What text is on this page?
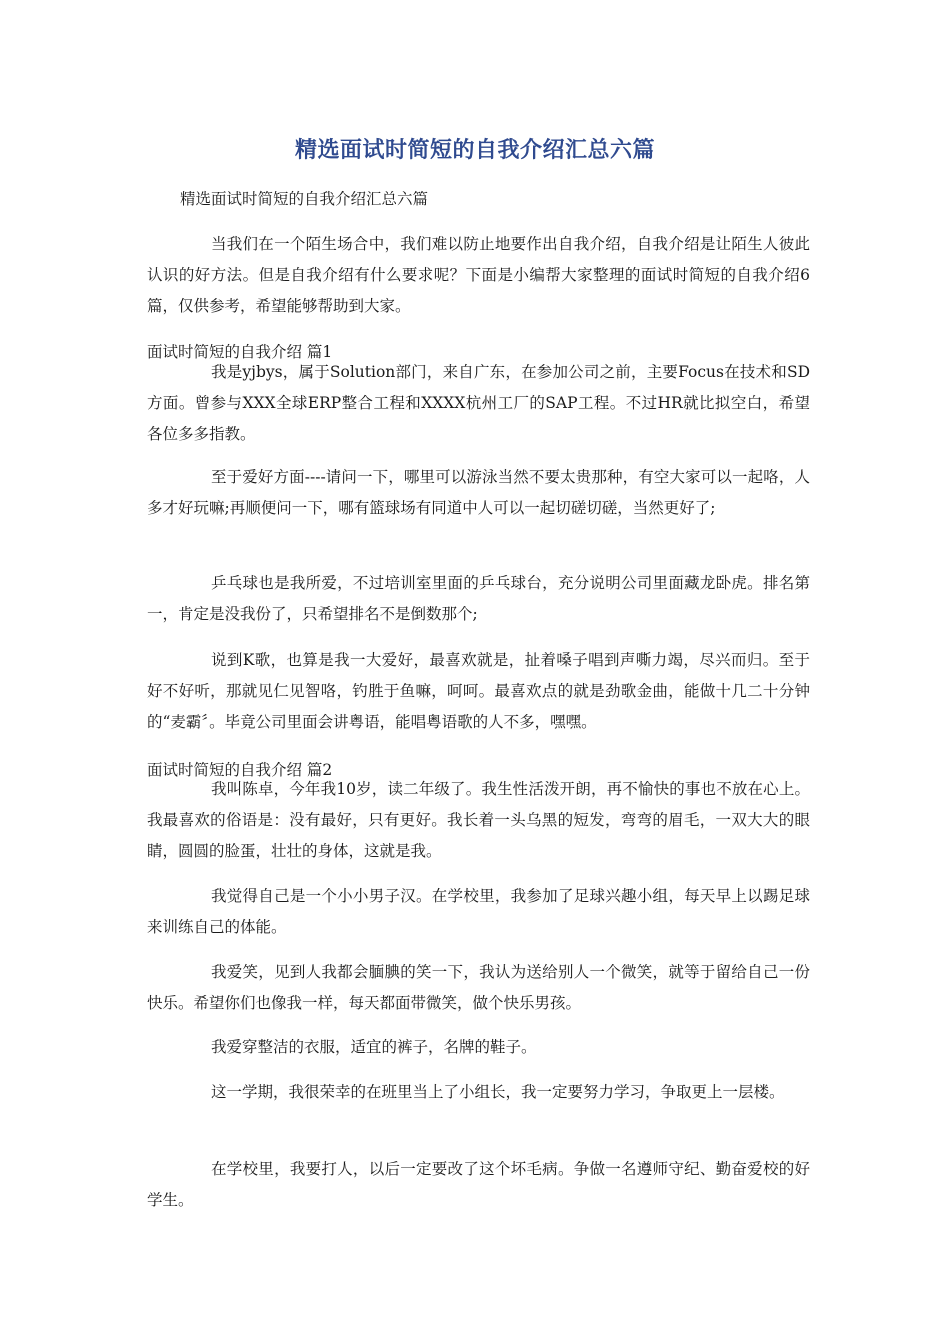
精选面试时简短的自我介绍汇总六篇
精选面试时简短的自我介绍汇总六篇

当我们在一个陌生场合中，我们难以防止地要作出自我介绍，自我介绍是让陌生人彼此认识的好方法。但是自我介绍有什么要求呢？下面是小编帮大家整理的面试时简短的自我介绍6篇，仅供参考，希望能够帮助到大家。

面试时简短的自我介绍 篇1

我是yjbys，属于Solution部门，来自广东，在参加公司之前，主要Focus在技术和SD方面。曾参与XXX全球ERP整合工程和XXXX杭州工厂的SAP工程。不过HR就比拟空白，希望各位多多指教。

至于爱好方面----请问一下，哪里可以游泳当然不要太贵那种，有空大家可以一起咯，人多才好玩嘛;再顺便问一下，哪有篮球场有同道中人可以一起切磋切磋，当然更好了;

乒乓球也是我所爱，不过培训室里面的乒乓球台，充分说明公司里面藏龙卧虎。排名第一，肯定是没我份了，只希望排名不是倒数那个;

说到K歌，也算是我一大爱好，最喜欢就是，扯着嗓子唱到声嘶力竭，尽兴而归。至于好不好听，那就见仁见智咯，钓胜于鱼嘛，呵呵。最喜欢点的就是劲歌金曲，能做十几二十分钟的“麦霸〞。毕竟公司里面会讲粤语，能唱粤语歌的人不多，嘿嘿。

面试时简短的自我介绍 篇2

我叫陈卓，今年我10岁，读二年级了。我生性活泼开朗，再不愉快的事也不放在心上。我最喜欢的俗语是：没有最好，只有更好。我长着一头乌黑的短发，弯弯的眉毛，一双大大的眼睛，圆圆的脸蛋，壮壮的身体，这就是我。

我觉得自己是一个小小男子汉。在学校里，我参加了足球兴趣小组，每天早上以踢足球来训练自己的体能。

我爱笑，见到人我都会腼腆的笑一下，我认为送给别人一个微笑，就等于留给自己一份快乐。希望你们也像我一样，每天都面带微笑，做个快乐男孩。

我爱穿整洁的衣服，适宜的裤子，名牌的鞋子。

这一学期，我很荣幸的在班里当上了小组长，我一定要努力学习，争取更上一层楼。

在学校里，我要打人，以后一定要改了这个坏毛病。争做一名遵师守纪、勤奋爱校的好学生。
